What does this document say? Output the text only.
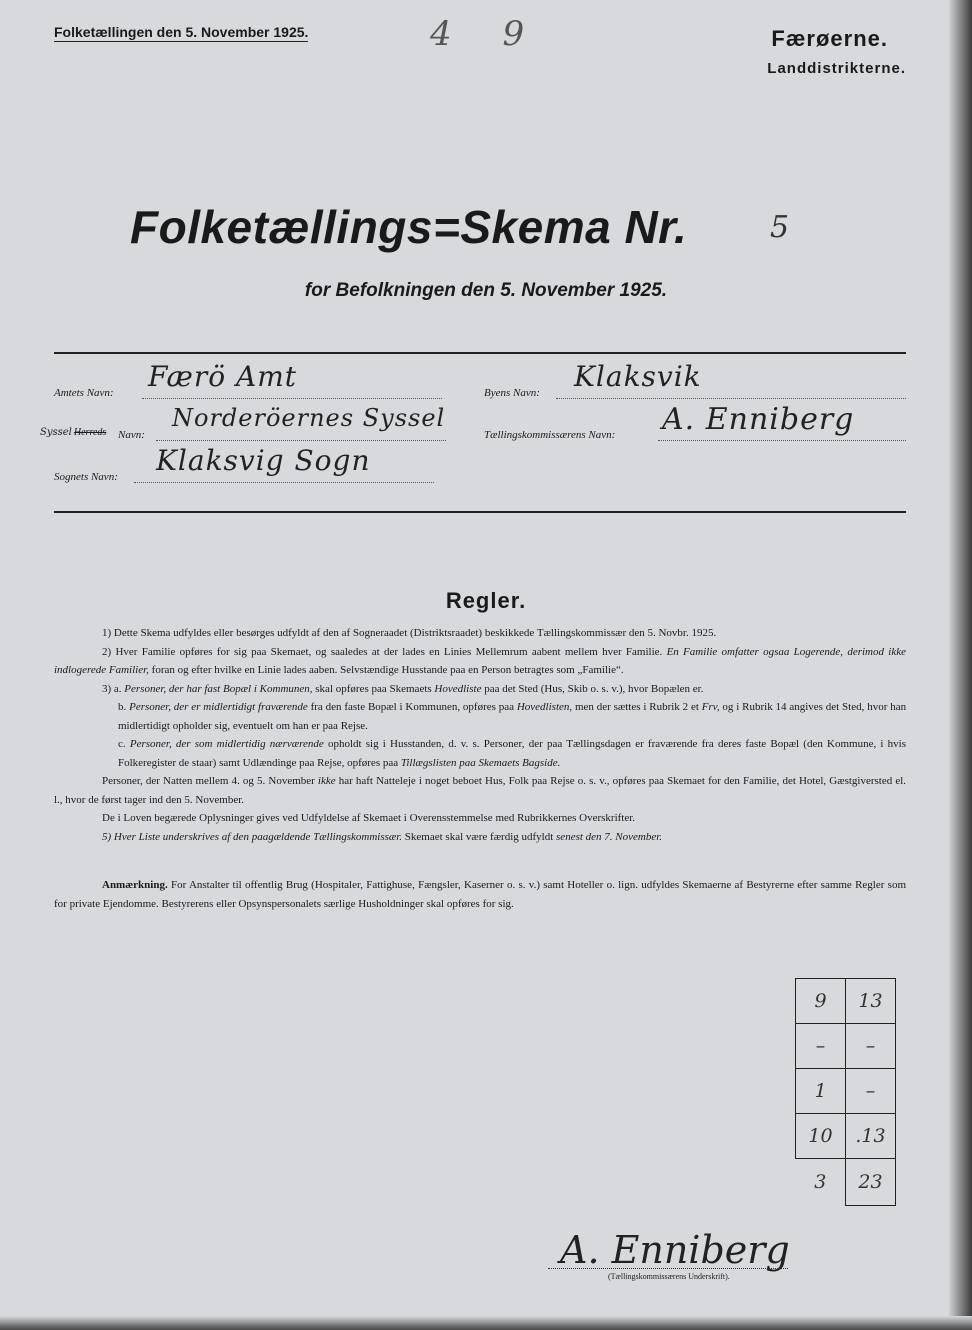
Folketællingen den 5. November 1925.	4 9	Færøerne.
Landdistrikterne.
Folketællings=Skema Nr.	5
for Befolkningen den 5. November 1925.
Amtets Navn: Færö Amt	Byens Navn: Klaksvik
Syssel Herreds Navn:
Norderöernes Syssel
Tællingskommissærens Navn: A. Enniberg
Sognets Navn: Klaksvig Sogn
Regler.

1) Dette Skema udfyldes eller besørges udfyldt af den af Sogneraadet (Distriktsraadet) beskikkede Tællingskommissær den 5. Novbr. 1925.

2) Hver Familie opføres for sig paa Skemaet, og saaledes at der lades en Linies Mellemrum aabent mellem hver Familie. En Familie omfatter ogsaa Logerende, derimod ikke indlogerede Familier, foran og efter hvilke en Linie lades aaben. Selvstændige Husstande paa en Person betragtes som „Familie“.

3) a. Personer, der har fast Bopæl i Kommunen, skal opføres paa Skemaets Hovedliste paa det Sted (Hus, Skib o. s. v.), hvor Bopælen er.

b. Personer, der er midlertidigt fraværende fra den faste Bopæl i Kommunen, opføres paa Hovedlisten, men der sættes i Rubrik 2 et Frv, og i Rubrik 14 angives det Sted, hvor han midlertidigt opholder sig, eventuelt om han er paa Rejse.

c. Personer, der som midlertidig nærværende opholdt sig i Husstanden, d. v. s. Personer, der paa Tællingsdagen er fraværende fra deres faste Bopæl (den Kommune, i hvis Folkeregister de staar) samt Udlændinge paa Rejse, opføres paa Tillægslisten paa Skemaets Bagside.

Personer, der Natten mellem 4. og 5. November ikke har haft Natteleje i noget beboet Hus, Folk paa Rejse o. s. v., opføres paa Skemaet for den Familie, det Hotel, Gæstgiversted el. l., hvor de først tager ind den 5. November.

De i Loven begærede Oplysninger gives ved Udfyldelse af Skemaet i Overensstemmelse med Rubrikkernes Overskrifter.

5) Hver Liste underskrives af den paagældende Tællingskommissær. Skemaet skal være færdig udfyldt senest den 7. November.

Anmærkning. For Anstalter til offentlig Brug (Hospitaler, Fattighuse, Fængsler, Kaserner o. s. v.) samt Hoteller o. lign. udfyldes Skemaerne af Bestyrerne efter samme Regler som for private Ejendomme. Bestyrerens eller Opsynspersonalets særlige Husholdninger skal opføres for sig.
9	13
–	–
1	–
10	.13
3	23
A. Enniberg
(Tællingskommissærens Underskrift).
